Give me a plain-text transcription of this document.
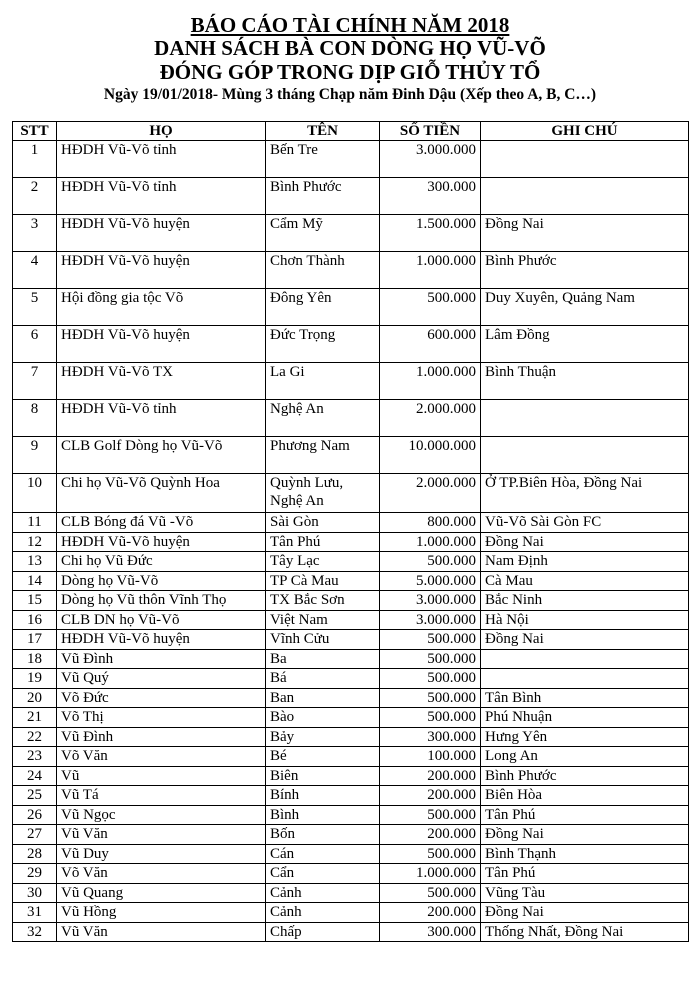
BÁO CÁO TÀI CHÍNH NĂM 2018
DANH SÁCH BÀ CON DÒNG HỌ VŨ-VÕ
ĐÓNG GÓP TRONG DỊP GIỖ THỦY TỔ
Ngày 19/01/2018- Mùng 3 tháng Chạp năm Đinh Dậu (Xếp theo A, B, C…)
STT	HỌ	TÊN	SỐ TIỀN	GHI CHÚ
1	HĐDH Vũ-Võ tỉnh	Bến Tre	3.000.000	
2	HĐDH Vũ-Võ tỉnh	Bình Phước	300.000	
3	HĐDH Vũ-Võ huyện	Cẩm Mỹ	1.500.000	Đồng Nai
4	HĐDH Vũ-Võ huyện	Chơn Thành	1.000.000	Bình Phước
5	Hội đồng gia tộc Võ	Đông Yên	500.000	Duy Xuyên, Quảng Nam
6	HĐDH Vũ-Võ huyện	Đức Trọng	600.000	Lâm Đồng
7	HĐDH Vũ-Võ TX	La Gi	1.000.000	Bình Thuận
8	HĐDH Vũ-Võ tỉnh	Nghệ An	2.000.000	
9	CLB Golf Dòng họ Vũ-Võ	Phương Nam	10.000.000	
10	Chi họ Vũ-Võ Quỳnh Hoa	Quỳnh Lưu, Nghệ An	2.000.000	Ở TP.Biên Hòa, Đồng Nai
11	CLB Bóng đá Vũ -Võ	Sài Gòn	800.000	Vũ-Võ Sài Gòn FC
12	HĐDH Vũ-Võ huyện	Tân Phú	1.000.000	Đồng Nai
13	Chi họ Vũ Đức	Tây Lạc	500.000	Nam Định
14	Dòng họ Vũ-Võ	TP Cà Mau	5.000.000	Cà Mau
15	Dòng họ Vũ thôn Vĩnh Thọ	TX Bắc Sơn	3.000.000	Bắc Ninh
16	CLB DN họ Vũ-Võ	Việt Nam	3.000.000	Hà Nội
17	HĐDH Vũ-Võ huyện	Vĩnh Cửu	500.000	Đồng Nai
18	Vũ Đình	Ba	500.000	
19	Vũ Quý	Bá	500.000	
20	Võ Đức	Ban	500.000	Tân Bình
21	Võ Thị	Bào	500.000	Phú Nhuận
22	Vũ Đình	Bảy	300.000	Hưng Yên
23	Võ Văn	Bé	100.000	Long An
24	Vũ	Biên	200.000	Bình Phước
25	Vũ Tá	Bính	200.000	Biên Hòa
26	Vũ Ngọc	Bình	500.000	Tân Phú
27	Vũ Văn	Bốn	200.000	Đồng Nai
28	Vũ Duy	Cán	500.000	Bình Thạnh
29	Võ Văn	Cẩn	1.000.000	Tân Phú
30	Vũ Quang	Cảnh	500.000	Vũng Tàu
31	Vũ Hồng	Cảnh	200.000	Đồng Nai
32	Vũ Văn	Chấp	300.000	Thống Nhất, Đồng Nai
